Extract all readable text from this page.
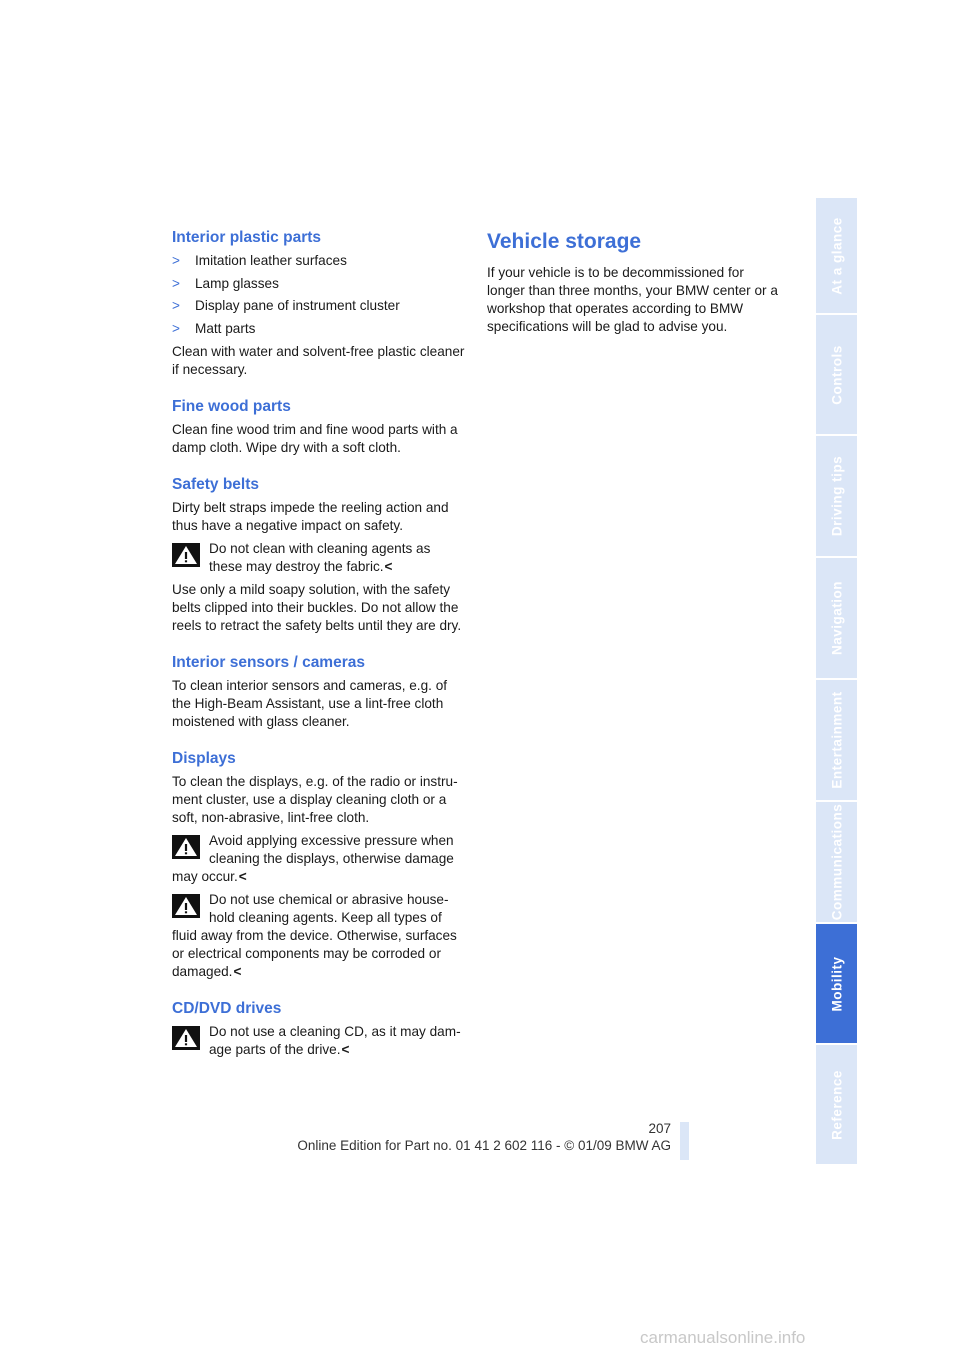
Interior plastic parts
> Imitation leather surfaces
> Lamp glasses
> Display pane of instrument cluster
> Matt parts

Clean with water and solvent-free plastic cleaner if necessary.

Fine wood parts

Clean fine wood trim and fine wood parts with a damp cloth. Wipe dry with a soft cloth.

Safety belts

Dirty belt straps impede the reeling action and thus have a negative impact on safety.

Do not clean with cleaning agents as these may destroy the fabric.<

Use only a mild soapy solution, with the safety belts clipped into their buckles. Do not allow the reels to retract the safety belts until they are dry.

Interior sensors / cameras

To clean interior sensors and cameras, e.g. of the High-Beam Assistant, use a lint-free cloth moistened with glass cleaner.

Displays

To clean the displays, e.g. of the radio or instru-ment cluster, use a display cleaning cloth or a soft, non-abrasive, lint-free cloth.

Avoid applying excessive pressure when cleaning the displays, otherwise damage may occur.<
Do not use chemical or abrasive house-hold cleaning agents. Keep all types of fluid away from the device. Otherwise, surfaces or electrical components may be corroded or damaged.<
CD/DVD drives
Do not use a cleaning CD, as it may dam-age parts of the drive.<
Vehicle storage

If your vehicle is to be decommissioned for longer than three months, your BMW center or a workshop that operates according to BMW specifications will be glad to advise you.

At a glance
Controls
Driving tips
Navigation
Entertainment
Communications
Mobility
Reference
207
Online Edition for Part no. 01 41 2 602 116 - © 01/09 BMW AG
carmanualsonline.info
